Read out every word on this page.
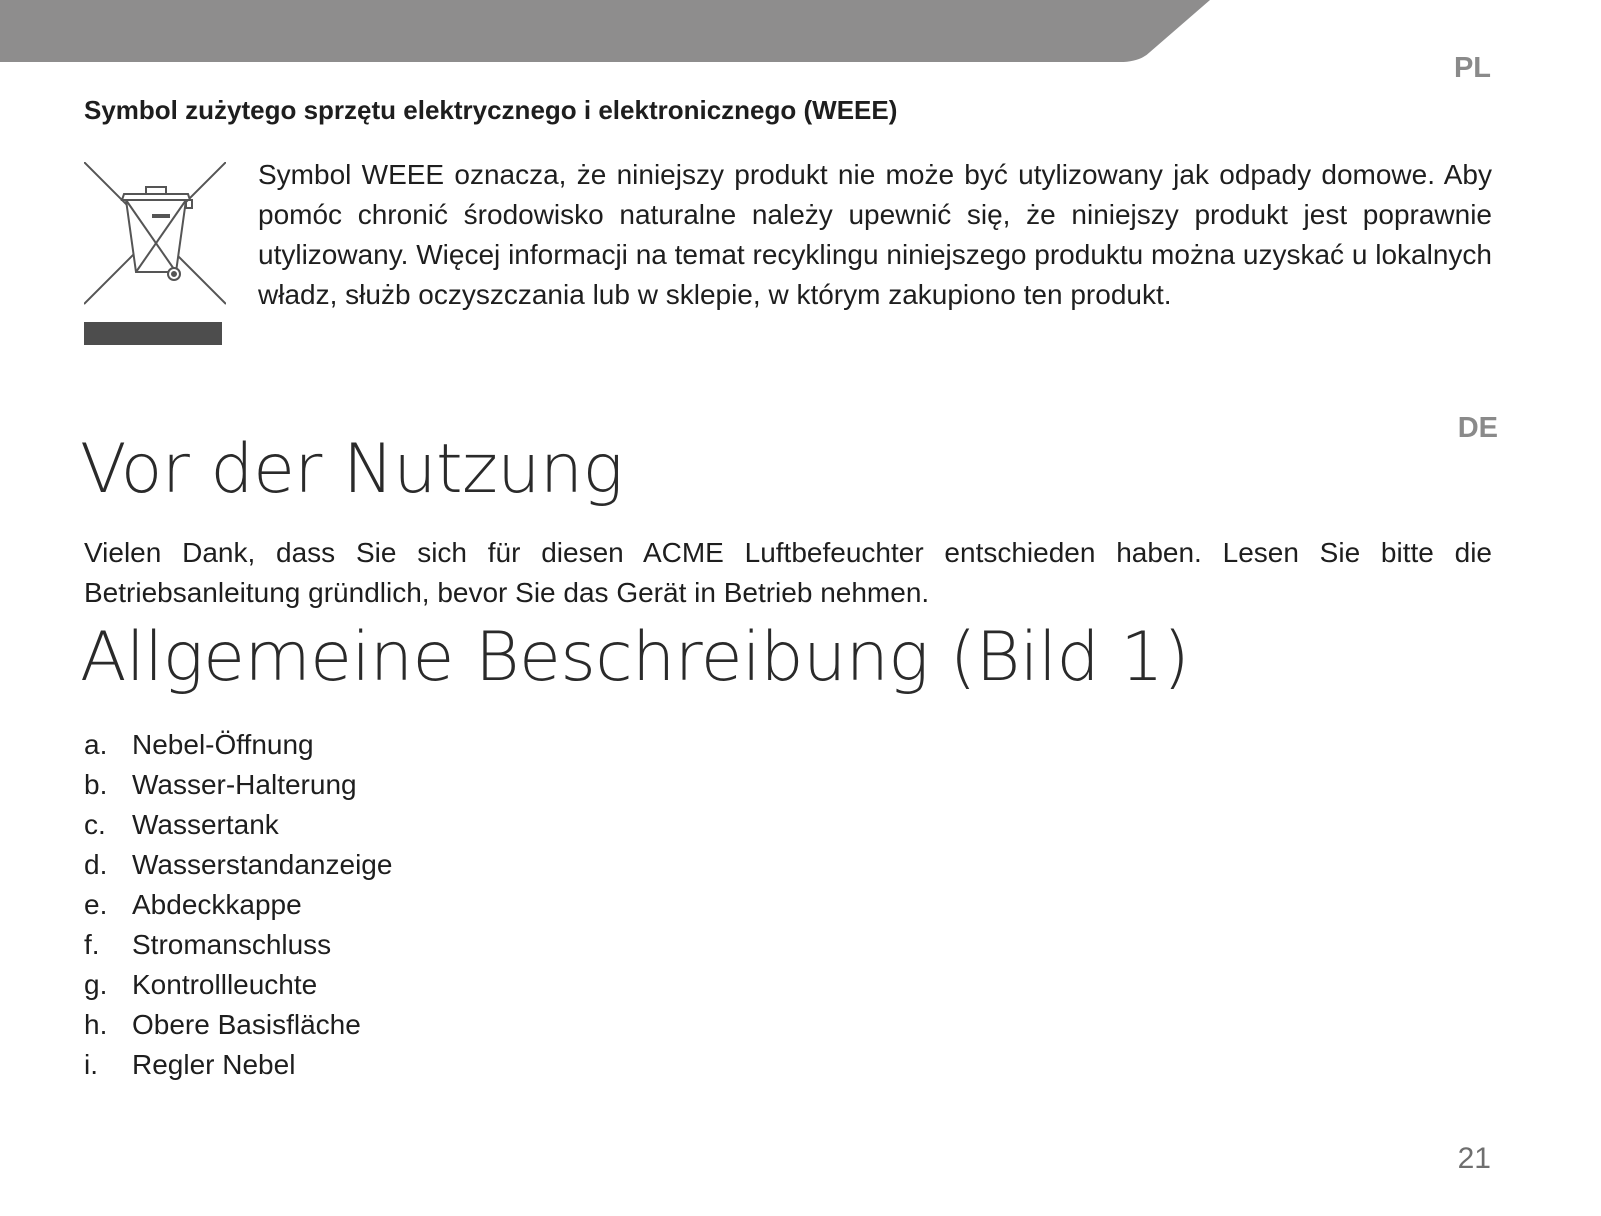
PL
Symbol zużytego sprzętu elektrycznego i elektronicznego (WEEE)
Symbol WEEE oznacza, że niniejszy produkt nie może być utylizowany jak odpady domowe. Aby pomóc chronić środowisko naturalne należy upewnić się, że niniejszy produkt jest poprawnie utylizowany. Więcej informacji na temat recyklingu niniejszego produktu można uzyskać u lokalnych władz, służb oczyszczania lub w sklepie, w którym zakupiono ten produkt.
DE
Vor der Nutzung
Vielen Dank, dass Sie sich für diesen ACME Luftbefeuchter entschieden haben. Lesen Sie bitte die Betriebsanleitung gründlich, bevor Sie das Gerät in Betrieb nehmen.
Allgemeine Beschreibung (Bild 1)
a. Nebel-Öffnung
b. Wasser-Halterung
c. Wassertank
d. Wasserstandanzeige
e. Abdeckkappe
f.	Stromanschluss
g. Kontrollleuchte
h. Obere Basisfläche
i.	Regler Nebel
21
